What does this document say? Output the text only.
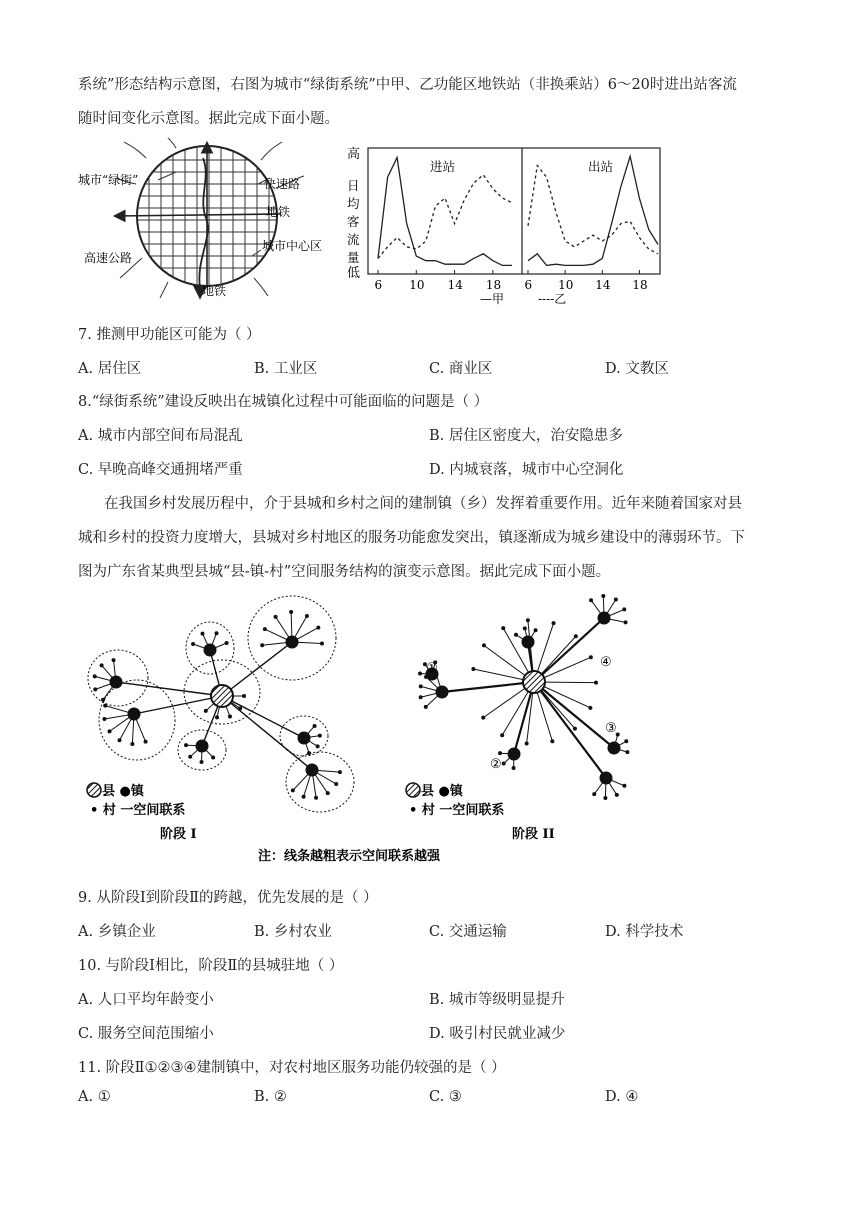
系统”形态结构示意图，右图为城市“绿街系统”中甲、乙功能区地铁站（非换乘站）6～20时进出站客流
随时间变化示意图。据此完成下面小题。
城市“绿街”	快速路
地铁
高速公路
城市中心区
地铁
高
低
日
均
客
流
量
进站	出站
6 10 14 18 6 10 14 18
—甲	----乙
7. 推测甲功能区可能为（ ）
A. 居住区	B. 工业区	C. 商业区	D. 文教区
8.“绿街系统”建设反映出在城镇化过程中可能面临的问题是（ ）
A. 城市内部空间布局混乱	B. 居住区密度大，治安隐患多
C. 早晚高峰交通拥堵严重	D. 内城衰落，城市中心空洞化
在我国乡村发展历程中，介于县城和乡村之间的建制镇（乡）发挥着重要作用。近年来随着国家对县
城和乡村的投资力度增大，县城对乡村地区的服务功能愈发突出，镇逐渐成为城乡建设中的薄弱环节。下
图为广东省某典型县城“县-镇-村”空间服务结构的演变示意图。据此完成下面小题。
县 ●镇
• 村 一空间联系
阶段 I
县 ●镇
• 村 一空间联系
阶段 II
注：线条越粗表示空间联系越强
①
②
③
④
9. 从阶段Ⅰ到阶段Ⅱ的跨越，优先发展的是（ ）
A. 乡镇企业	B. 乡村农业	C. 交通运输	D. 科学技术
10. 与阶段Ⅰ相比，阶段Ⅱ的县城驻地（ ）
A. 人口平均年龄变小	B. 城市等级明显提升
C. 服务空间范围缩小	D. 吸引村民就业减少
11. 阶段Ⅱ①②③④建制镇中，对农村地区服务功能仍较强的是（ ）
A. ①	B. ②	C. ③	D. ④
